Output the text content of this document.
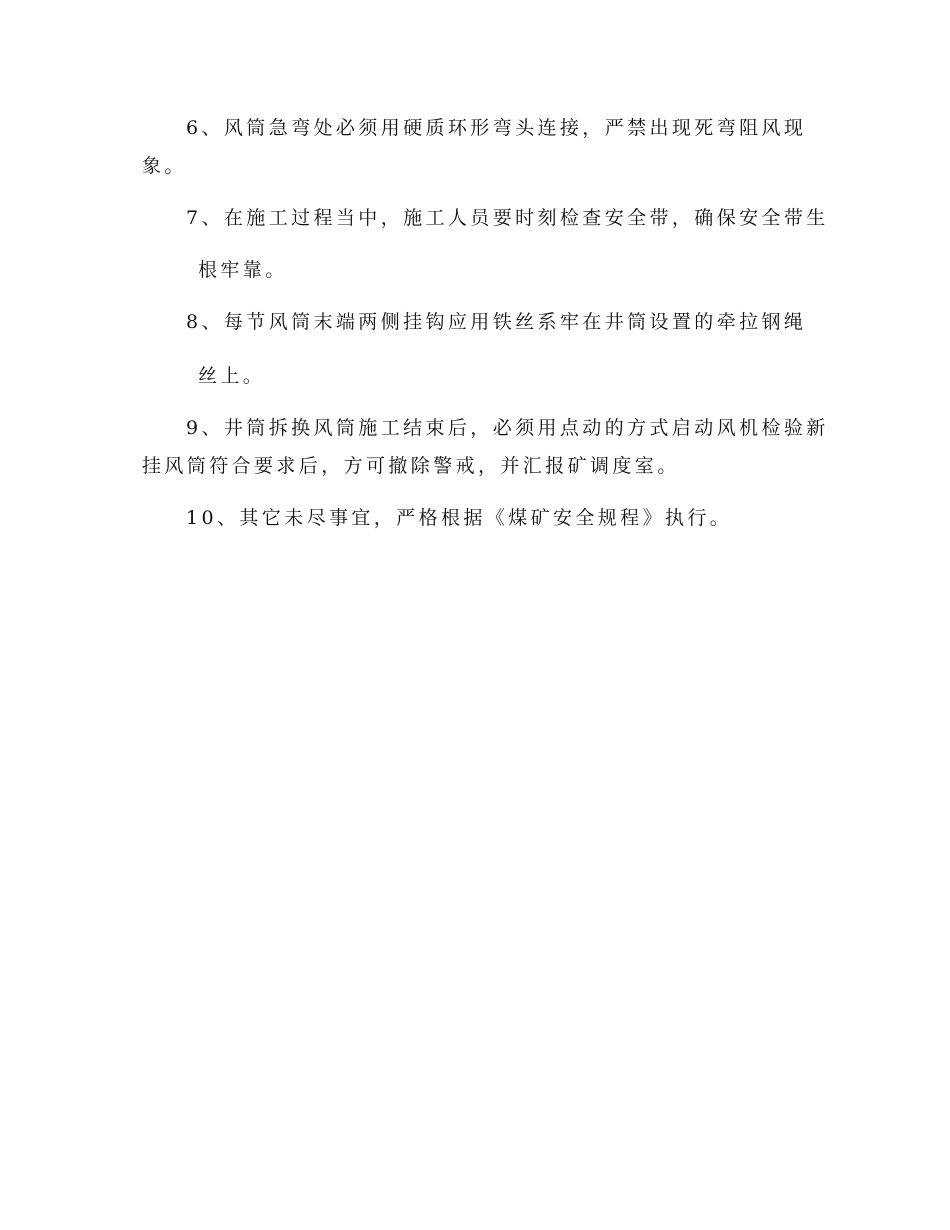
6、风筒急弯处必须用硬质环形弯头连接，严禁出现死弯阻风现
象。
7、在施工过程当中，施工人员要时刻检查安全带，确保安全带生
根牢靠。
8、每节风筒末端两侧挂钩应用铁丝系牢在井筒设置的牵拉钢绳
丝上。
9、井筒拆换风筒施工结束后，必须用点动的方式启动风机检验新
挂风筒符合要求后，方可撤除警戒，并汇报矿调度室。
10、其它未尽事宜，严格根据《煤矿安全规程》执行。
